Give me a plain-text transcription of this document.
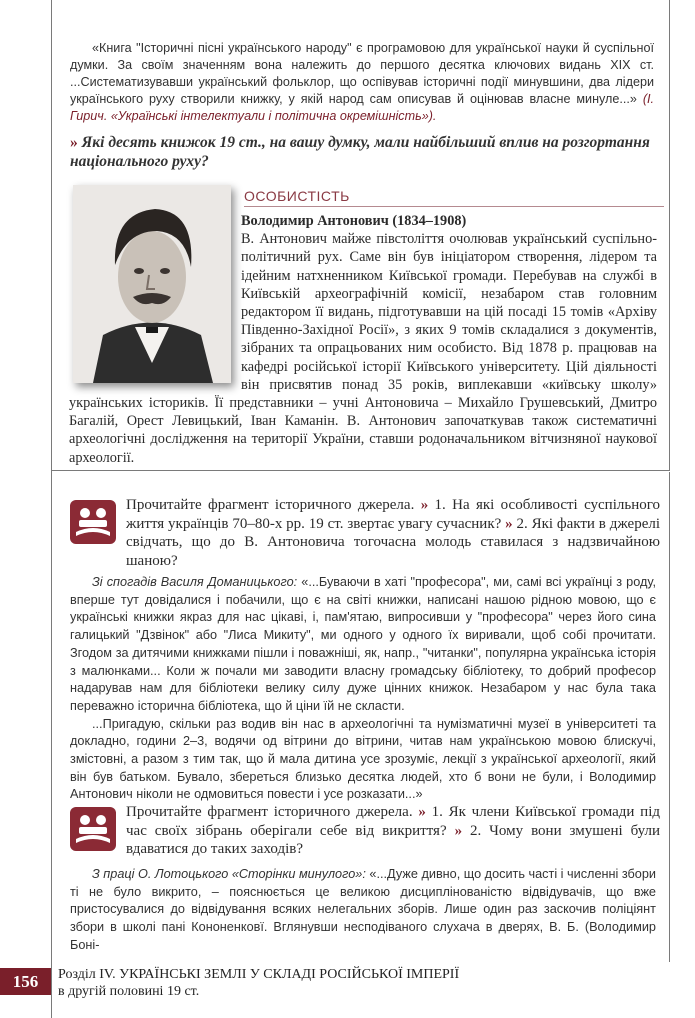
«Книга "Історичні пісні українського народу" є програмовою для української науки й суспільної думки. За своїм значенням вона належить до першого десятка ключових видань XIX ст. ...Систематизувавши український фольклор, що оспівував історичні події минувшини, два лідери українського руху створили книжку, у якій народ сам описував й оцінював власне минуле...» (І. Гирич. «Українські інтелектуали і політична окремішність»).

» Які десять книжок 19 ст., на вашу думку, мали найбільший вплив на розгортання національного руху?
ОСОБИСТІСТЬ
Володимир Антонович (1834–1908)
В. Антонович майже півстоліття очолював український суспільно-політичний рух. Саме він був ініціатором створення, лідером та ідейним натхненником Київської громади. Перебував на службі в Київській археографічній комісії, незабаром став головним редактором її видань, підготувавши на цій посаді 15 томів «Архіву Південно-Західної Росії», з яких 9 томів складалися з документів, зібраних та опрацьованих ним особисто. Від 1878 р. працював на кафедрі російської історії Київського університету. Цій діяльності він присвятив понад 35 років, виплекавши «київську школу» українських істориків. Її представники – учні Антоновича – Михайло Грушевський, Дмитро Багалій, Орест Левицький, Іван Каманін. В. Антонович започаткував також систематичні археологічні дослідження на території України, ставши родоначальником вітчизняної наукової археології.
Прочитайте фрагмент історичного джерела. » 1. На які особливості суспільного життя українців 70–80-х рр. 19 ст. звертає увагу сучасник? » 2. Які факти в джерелі свідчать, що до В. Антоновича тогочасна молодь ставилася з надзвичайною шаною?

Зі спогадів Василя Доманицького: «...Буваючи в хаті "професора", ми, самі всі українці з роду, вперше тут довідалися і побачили, що є на світі книжки, написані нашою рідною мовою, що є українські книжки якраз для нас цікаві, і, пам'ятаю, випросивши у "професора" через його сина галицький "Дзвінок" або "Лиса Микиту", ми одного у одного їх виривали, щоб собі прочитати. Згодом за дитячими книжками пішли і поважніші, як, напр., "читанки", популярна українська історія з малюнками... Коли ж почали ми заводити власну громадську бібліотеку, то добрий професор надарував нам для бібліотеки велику силу дуже цінних книжок. Незабаром у нас була така переважно історична бібліотека, що й ціни їй не скласти.

...Пригадую, скільки раз водив він нас в археологічні та нумізматичні музеї в університеті та докладно, години 2–3, водячи од вітрини до вітрини, читав нам українською мовою блискучі, змістовні, а разом з тим так, що й мала дитина усе зрозуміє, лекції з української археології, який він був батьком. Бувало, збереться близько десятка людей, хто б вони не були, і Володимир Антонович ніколи не одмовиться повести і усе розказати...»

Прочитайте фрагмент історичного джерела. » 1. Як члени Київської громади під час своїх зібрань оберігали себе від викриття? » 2. Чому вони змушені були вдаватися до таких заходів?

З праці О. Лотоцького «Сторінки минулого»: «...Дуже дивно, що досить часті і численні збори ті не було викрито, – пояснюється це великою дисциплінованістю відвідувачів, що вже пристосувалися до відвідування всяких нелегальних зборів. Лише один раз заскочив поліціянт збори в школі пані Кононенковї. Вглянувши несподіваного слухача в дверях, В. Б. (Володимир Боні-

156	Розділ IV. УКРАЇНСЬКІ ЗЕМЛІ У СКЛАДІ РОСІЙСЬКОЇ ІМПЕРІЇ
в другій половині 19 ст.
